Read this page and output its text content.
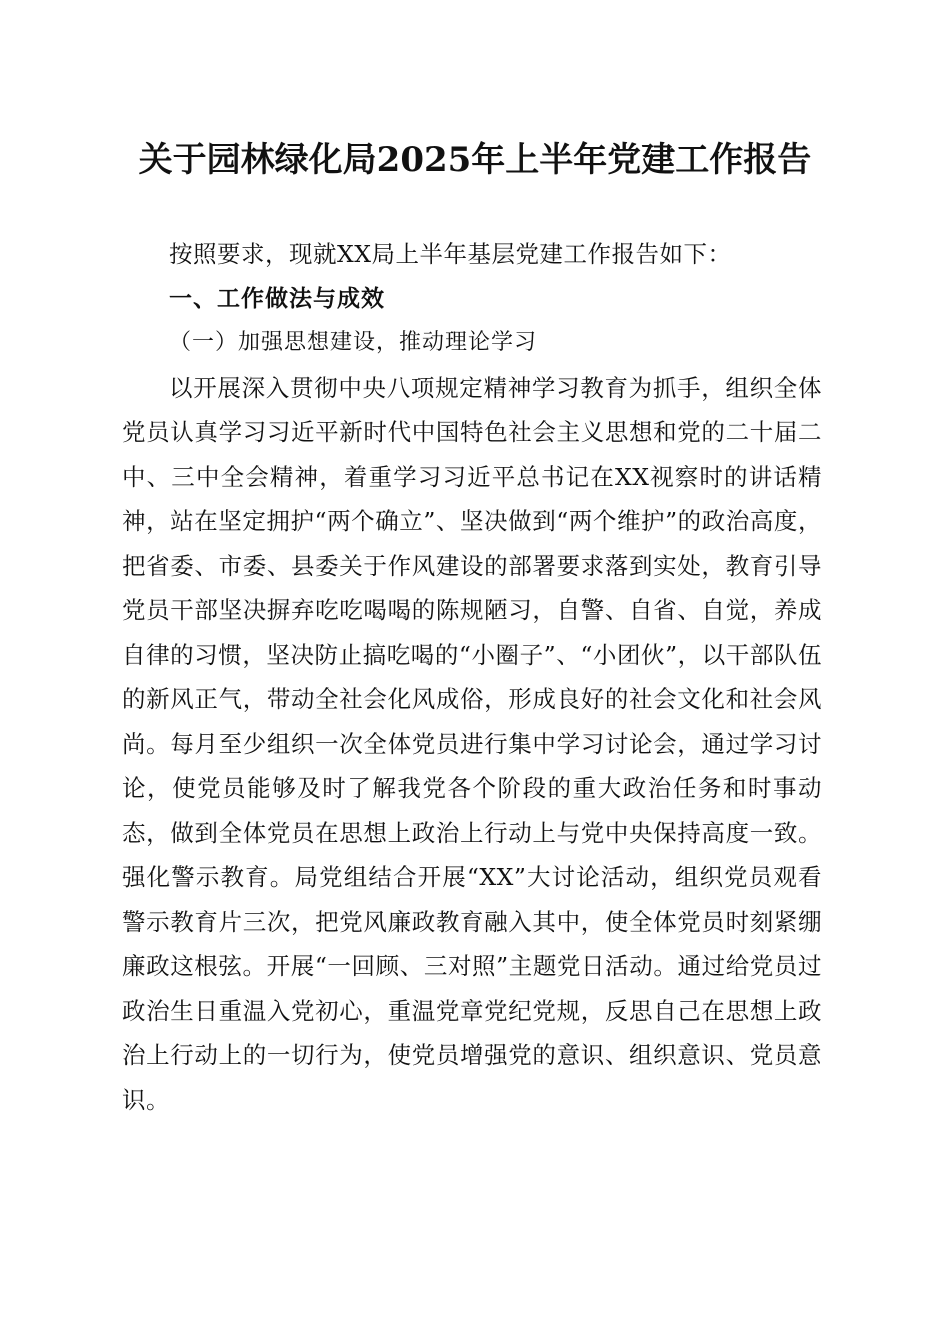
关于园林绿化局2025年上半年党建工作报告

按照要求，现就XX局上半年基层党建工作报告如下：

一、工作做法与成效

（一）加强思想建设，推动理论学习

以开展深入贯彻中央八项规定精神学习教育为抓手，组织全体党员认真学习习近平新时代中国特色社会主义思想和党的二十届二中、三中全会精神，着重学习习近平总书记在XX视察时的讲话精神，站在坚定拥护“两个确立”、坚决做到“两个维护”的政治高度，把省委、市委、县委关于作风建设的部署要求落到实处，教育引导党员干部坚决摒弃吃吃喝喝的陈规陋习，自警、自省、自觉，养成自律的习惯，坚决防止搞吃喝的“小圈子”、“小团伙”，以干部队伍的新风正气，带动全社会化风成俗，形成良好的社会文化和社会风尚。每月至少组织一次全体党员进行集中学习讨论会，通过学习讨论，使党员能够及时了解我党各个阶段的重大政治任务和时事动态，做到全体党员在思想上政治上行动上与党中央保持高度一致。强化警示教育。局党组结合开展“XX”大讨论活动，组织党员观看警示教育片三次，把党风廉政教育融入其中，使全体党员时刻紧绷廉政这根弦。开展“一回顾、三对照”主题党日活动。通过给党员过政治生日重温入党初心，重温党章党纪党规，反思自己在思想上政治上行动上的一切行为，使党员增强党的意识、组织意识、党员意识。
